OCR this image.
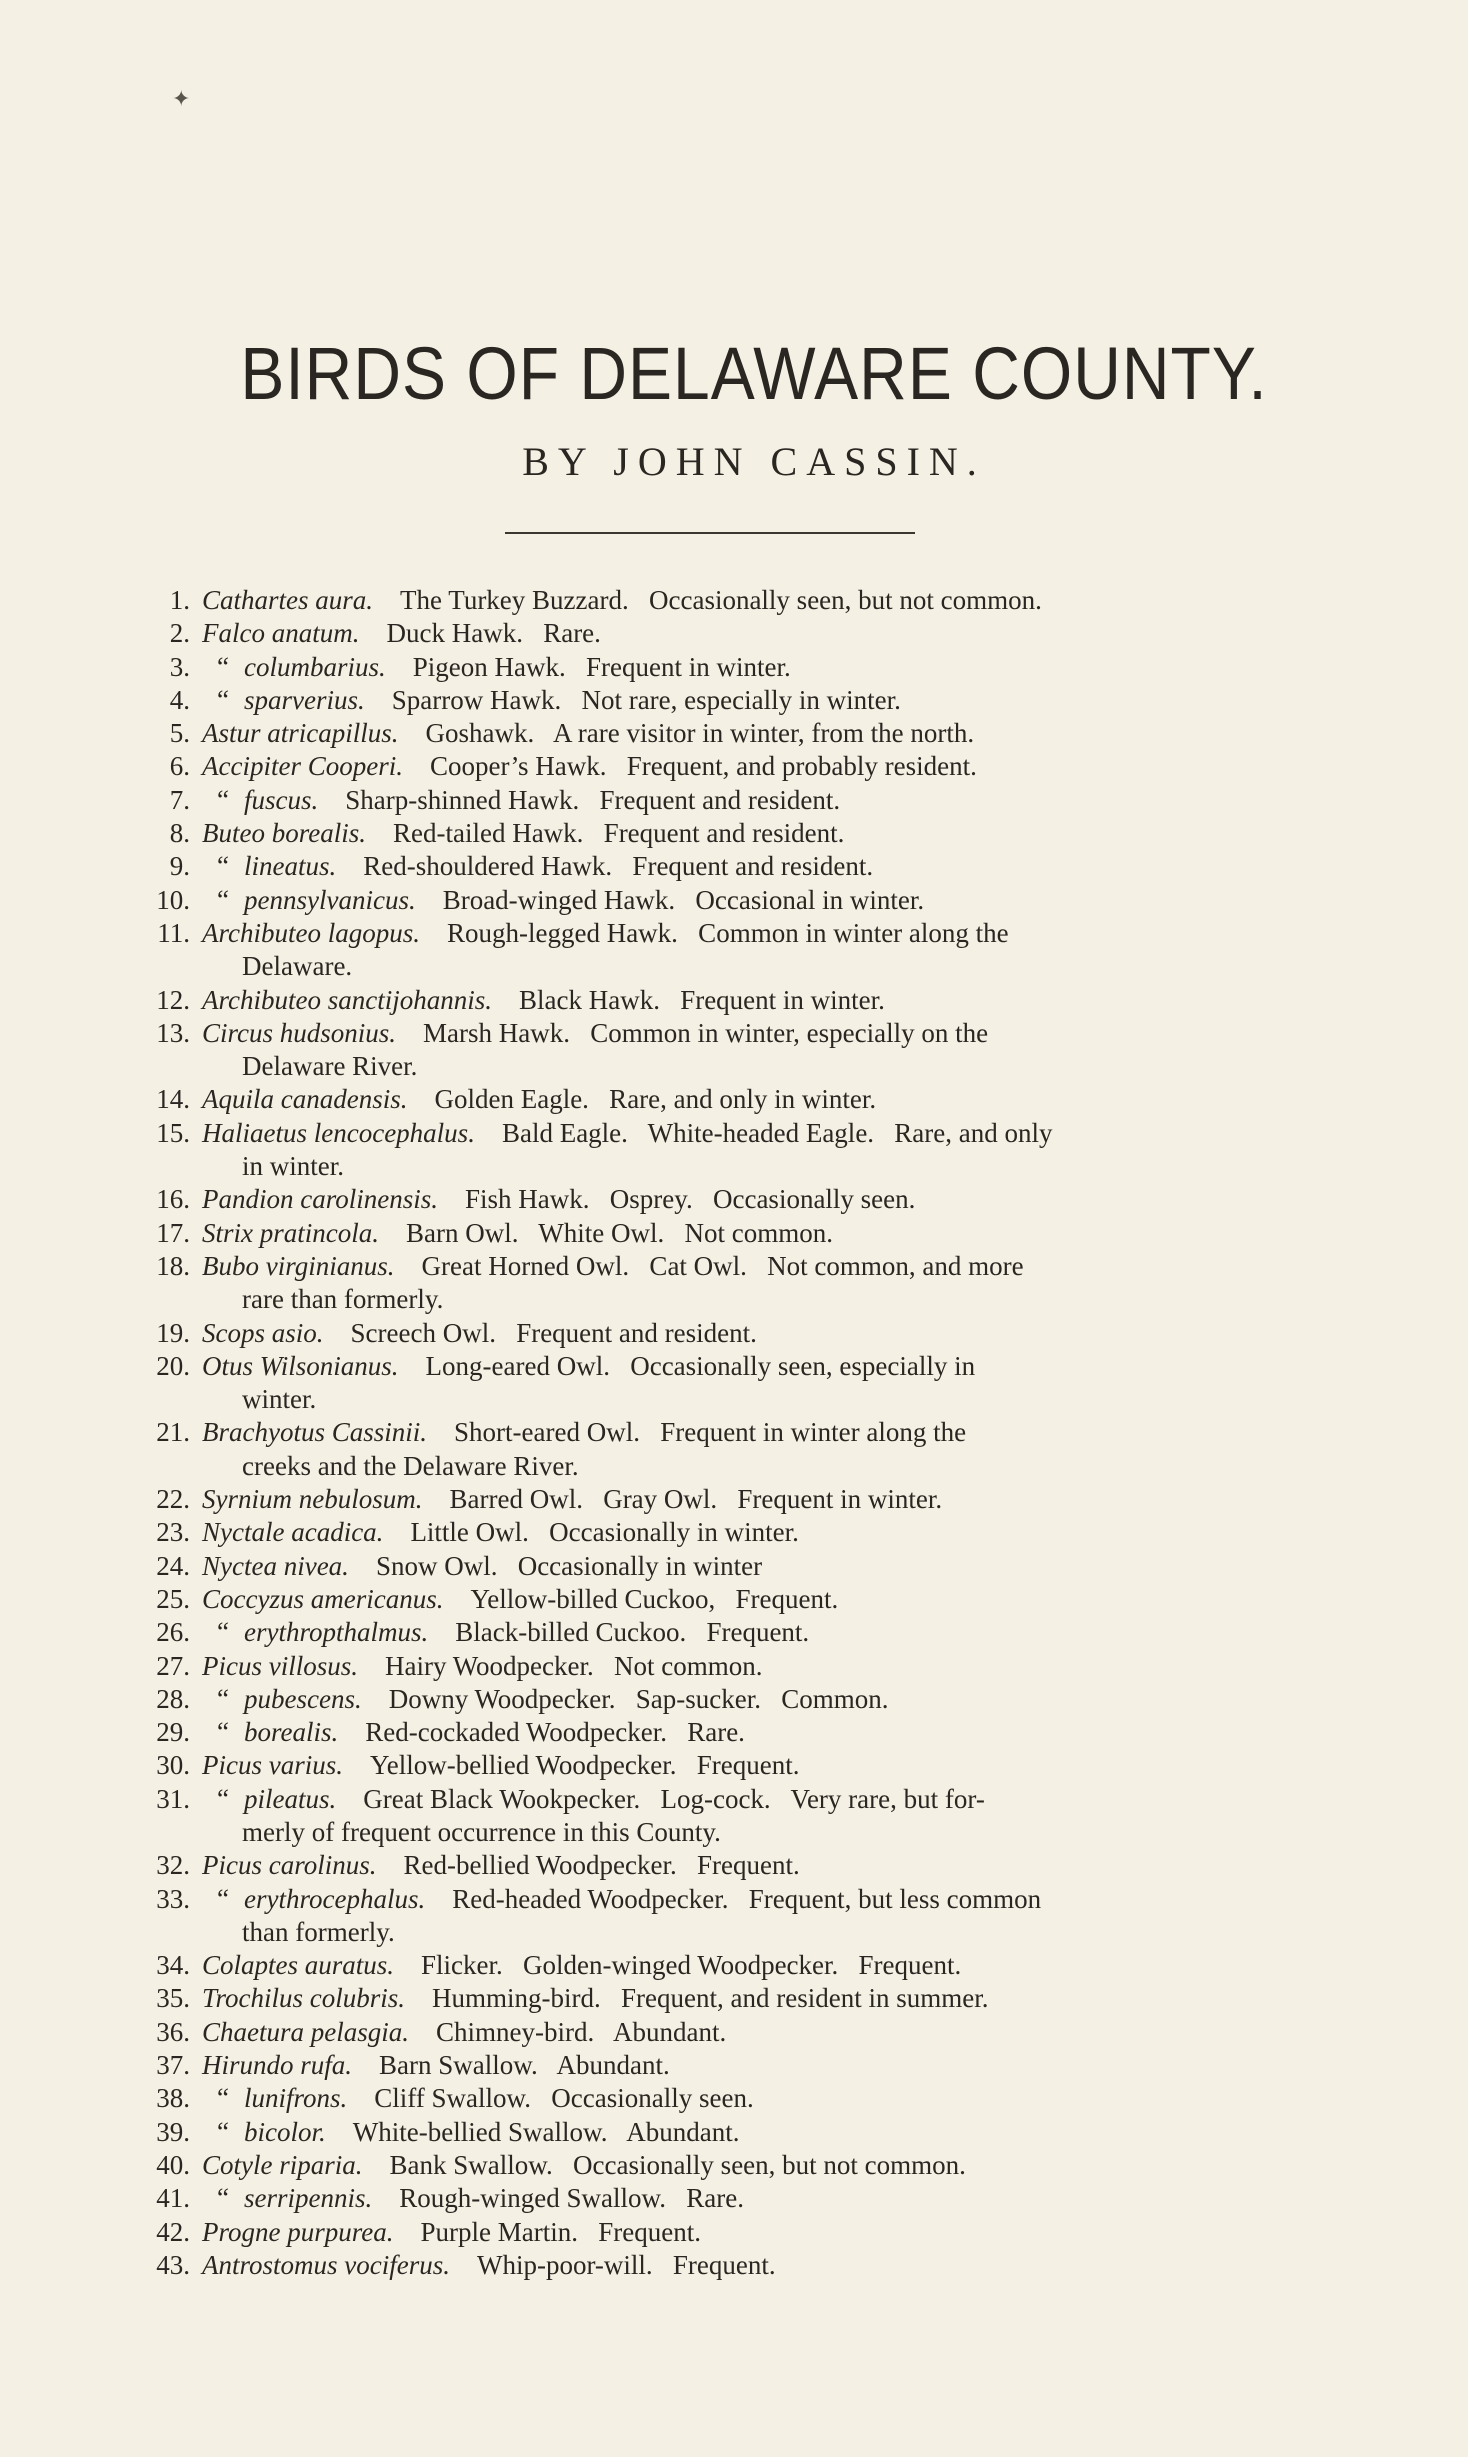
✦
BIRDS OF DELAWARE COUNTY.
BY JOHN CASSIN.
1. Cathartes aura.  The Turkey Buzzard.   Occasionally seen, but not common.
2. Falco anatum.  Duck Hawk.   Rare.
3.	“ columbarius.  Pigeon Hawk.   Frequent in winter.
4.	“ sparverius.  Sparrow Hawk.   Not rare, especially in winter.
5. Astur atricapillus.  Goshawk.   A rare visitor in winter, from the north.
6. Accipiter Cooperi.  Cooper’s Hawk.   Frequent, and probably resident.
7.	“ fuscus.  Sharp-shinned Hawk.   Frequent and resident.
8. Buteo borealis.  Red-tailed Hawk.   Frequent and resident.
9.	“ lineatus.  Red-shouldered Hawk.   Frequent and resident.
10.	“ pennsylvanicus.  Broad-winged Hawk.   Occasional in winter.
11. Archibuteo lagopus.  Rough-legged Hawk.   Common in winter along the
Delaware.
12. Archibuteo sanctijohannis.  Black Hawk.   Frequent in winter.
13. Circus hudsonius.  Marsh Hawk.   Common in winter, especially on the
Delaware River.
14. Aquila canadensis.  Golden Eagle.   Rare, and only in winter.
15. Haliaetus lencocephalus.  Bald Eagle.   White-headed Eagle.   Rare, and only
in winter.
16. Pandion carolinensis.  Fish Hawk.   Osprey.   Occasionally seen.
17. Strix pratincola.  Barn Owl.   White Owl.   Not common.
18. Bubo virginianus.  Great Horned Owl.   Cat Owl.   Not common, and more
rare than formerly.
19. Scops asio.  Screech Owl.   Frequent and resident.
20. Otus Wilsonianus.  Long-eared Owl.   Occasionally seen, especially in
winter.
21. Brachyotus Cassinii.  Short-eared Owl.   Frequent in winter along the
creeks and the Delaware River.
22. Syrnium nebulosum.  Barred Owl.   Gray Owl.   Frequent in winter.
23. Nyctale acadica.  Little Owl.   Occasionally in winter.
24. Nyctea nivea.  Snow Owl.   Occasionally in winter
25. Coccyzus americanus.  Yellow-billed Cuckoo,   Frequent.
26.	“ erythropthalmus.  Black-billed Cuckoo.   Frequent.
27. Picus villosus.  Hairy Woodpecker.   Not common.
28.	“ pubescens.  Downy Woodpecker.   Sap-sucker.   Common.
29.	“ borealis.  Red-cockaded Woodpecker.   Rare.
30. Picus varius.  Yellow-bellied Woodpecker.   Frequent.
31.	“ pileatus.  Great Black Wookpecker.   Log-cock.   Very rare, but for-
merly of frequent occurrence in this County.
32. Picus carolinus.  Red-bellied Woodpecker.   Frequent.
33.	“ erythrocephalus.  Red-headed Woodpecker.   Frequent, but less common
than formerly.
34. Colaptes auratus.  Flicker.   Golden-winged Woodpecker.   Frequent.
35. Trochilus colubris.  Humming-bird.   Frequent, and resident in summer.
36. Chaetura pelasgia.  Chimney-bird.   Abundant.
37. Hirundo rufa.  Barn Swallow.   Abundant.
38.	“ lunifrons.  Cliff Swallow.   Occasionally seen.
39.	“ bicolor.  White-bellied Swallow.   Abundant.
40. Cotyle riparia.  Bank Swallow.   Occasionally seen, but not common.
41.	“ serripennis.  Rough-winged Swallow.   Rare.
42. Progne purpurea.  Purple Martin.   Frequent.
43. Antrostomus vociferus.  Whip-poor-will.   Frequent.
